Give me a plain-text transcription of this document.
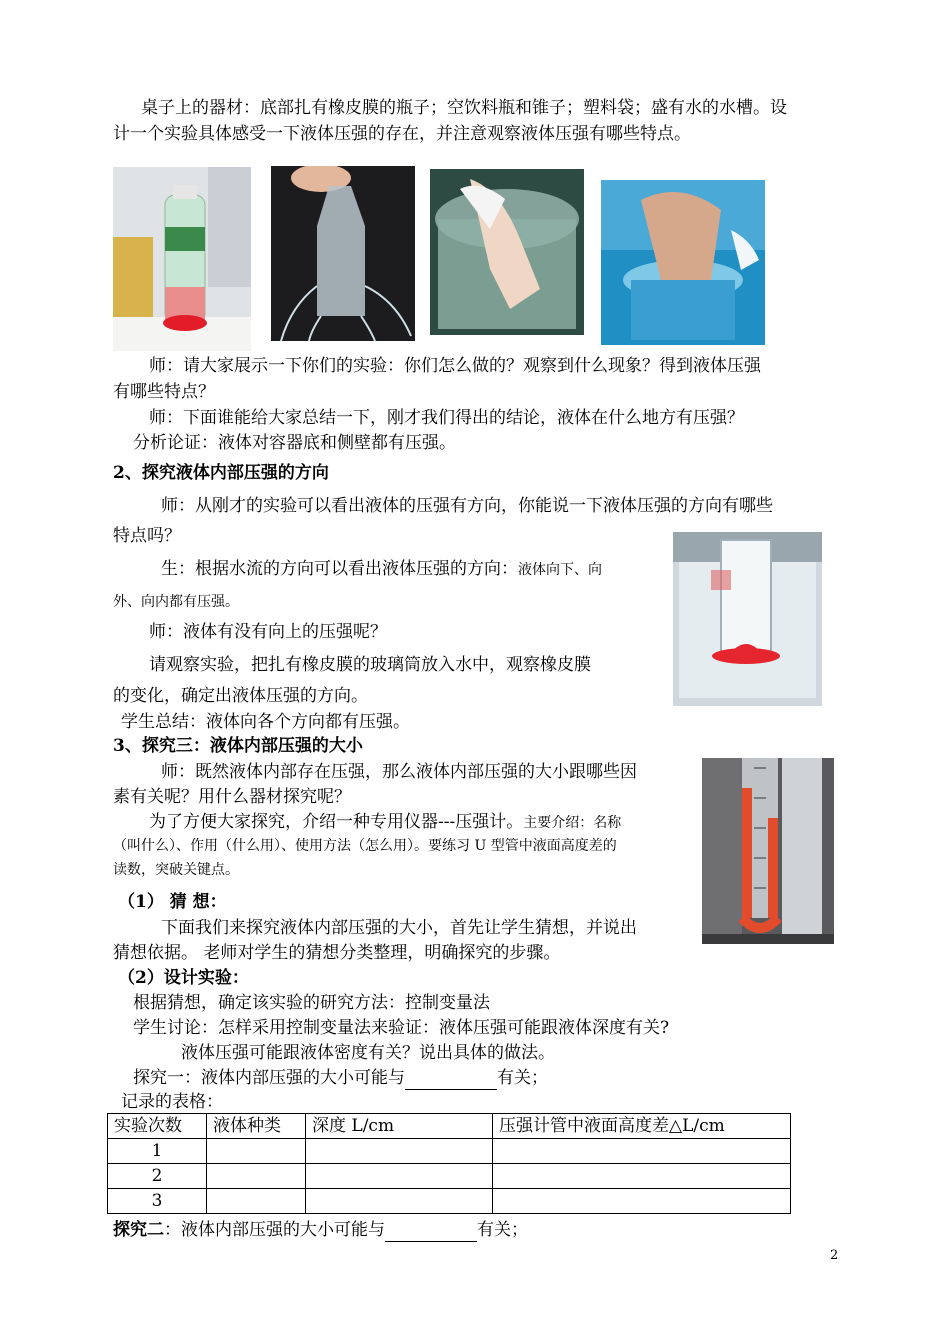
桌子上的器材：底部扎有橡皮膜的瓶子；空饮料瓶和锥子；塑料袋；盛有水的水槽。设
计一个实验具体感受一下液体压强的存在，并注意观察液体压强有哪些特点。
师：请大家展示一下你们的实验：你们怎么做的？观察到什么现象？得到液体压强
有哪些特点？
师：下面谁能给大家总结一下，刚才我们得出的结论，液体在什么地方有压强？
分析论证：液体对容器底和侧壁都有压强。
2、探究液体内部压强的方向
师：从刚才的实验可以看出液体的压强有方向，你能说一下液体压强的方向有哪些
特点吗？
生：根据水流的方向可以看出液体压强的方向：液体向下、向
外、向内都有压强。
师：液体有没有向上的压强呢？
请观察实验，把扎有橡皮膜的玻璃筒放入水中，观察橡皮膜
的变化，确定出液体压强的方向。
学生总结：液体向各个方向都有压强。
3、探究三：液体内部压强的大小
师：既然液体内部存在压强，那么液体内部压强的大小跟哪些因
素有关呢？用什么器材探究呢？
为了方便大家探究，介绍一种专用仪器---压强计。主要介绍：名称
（叫什么）、作用（什么用）、使用方法（怎么用）。要练习 U 型管中液面高度差的
读数，突破关键点。
（1） 猜 想：
下面我们来探究液体内部压强的大小，首先让学生猜想，并说出
猜想依据。 老师对学生的猜想分类整理，明确探究的步骤。
（2）设计实验：
根据猜想，确定该实验的研究方法：控制变量法
学生讨论：怎样采用控制变量法来验证：液体压强可能跟液体深度有关?
液体压强可能跟液体密度有关？说出具体的做法。
探究一：液体内部压强的大小可能与	有关；
记录的表格：
实验次数	液体种类	深度 L/cm	压强计管中液面高度差△L/cm
1			
2			
3			
探究二：液体内部压强的大小可能与	有关；
2
